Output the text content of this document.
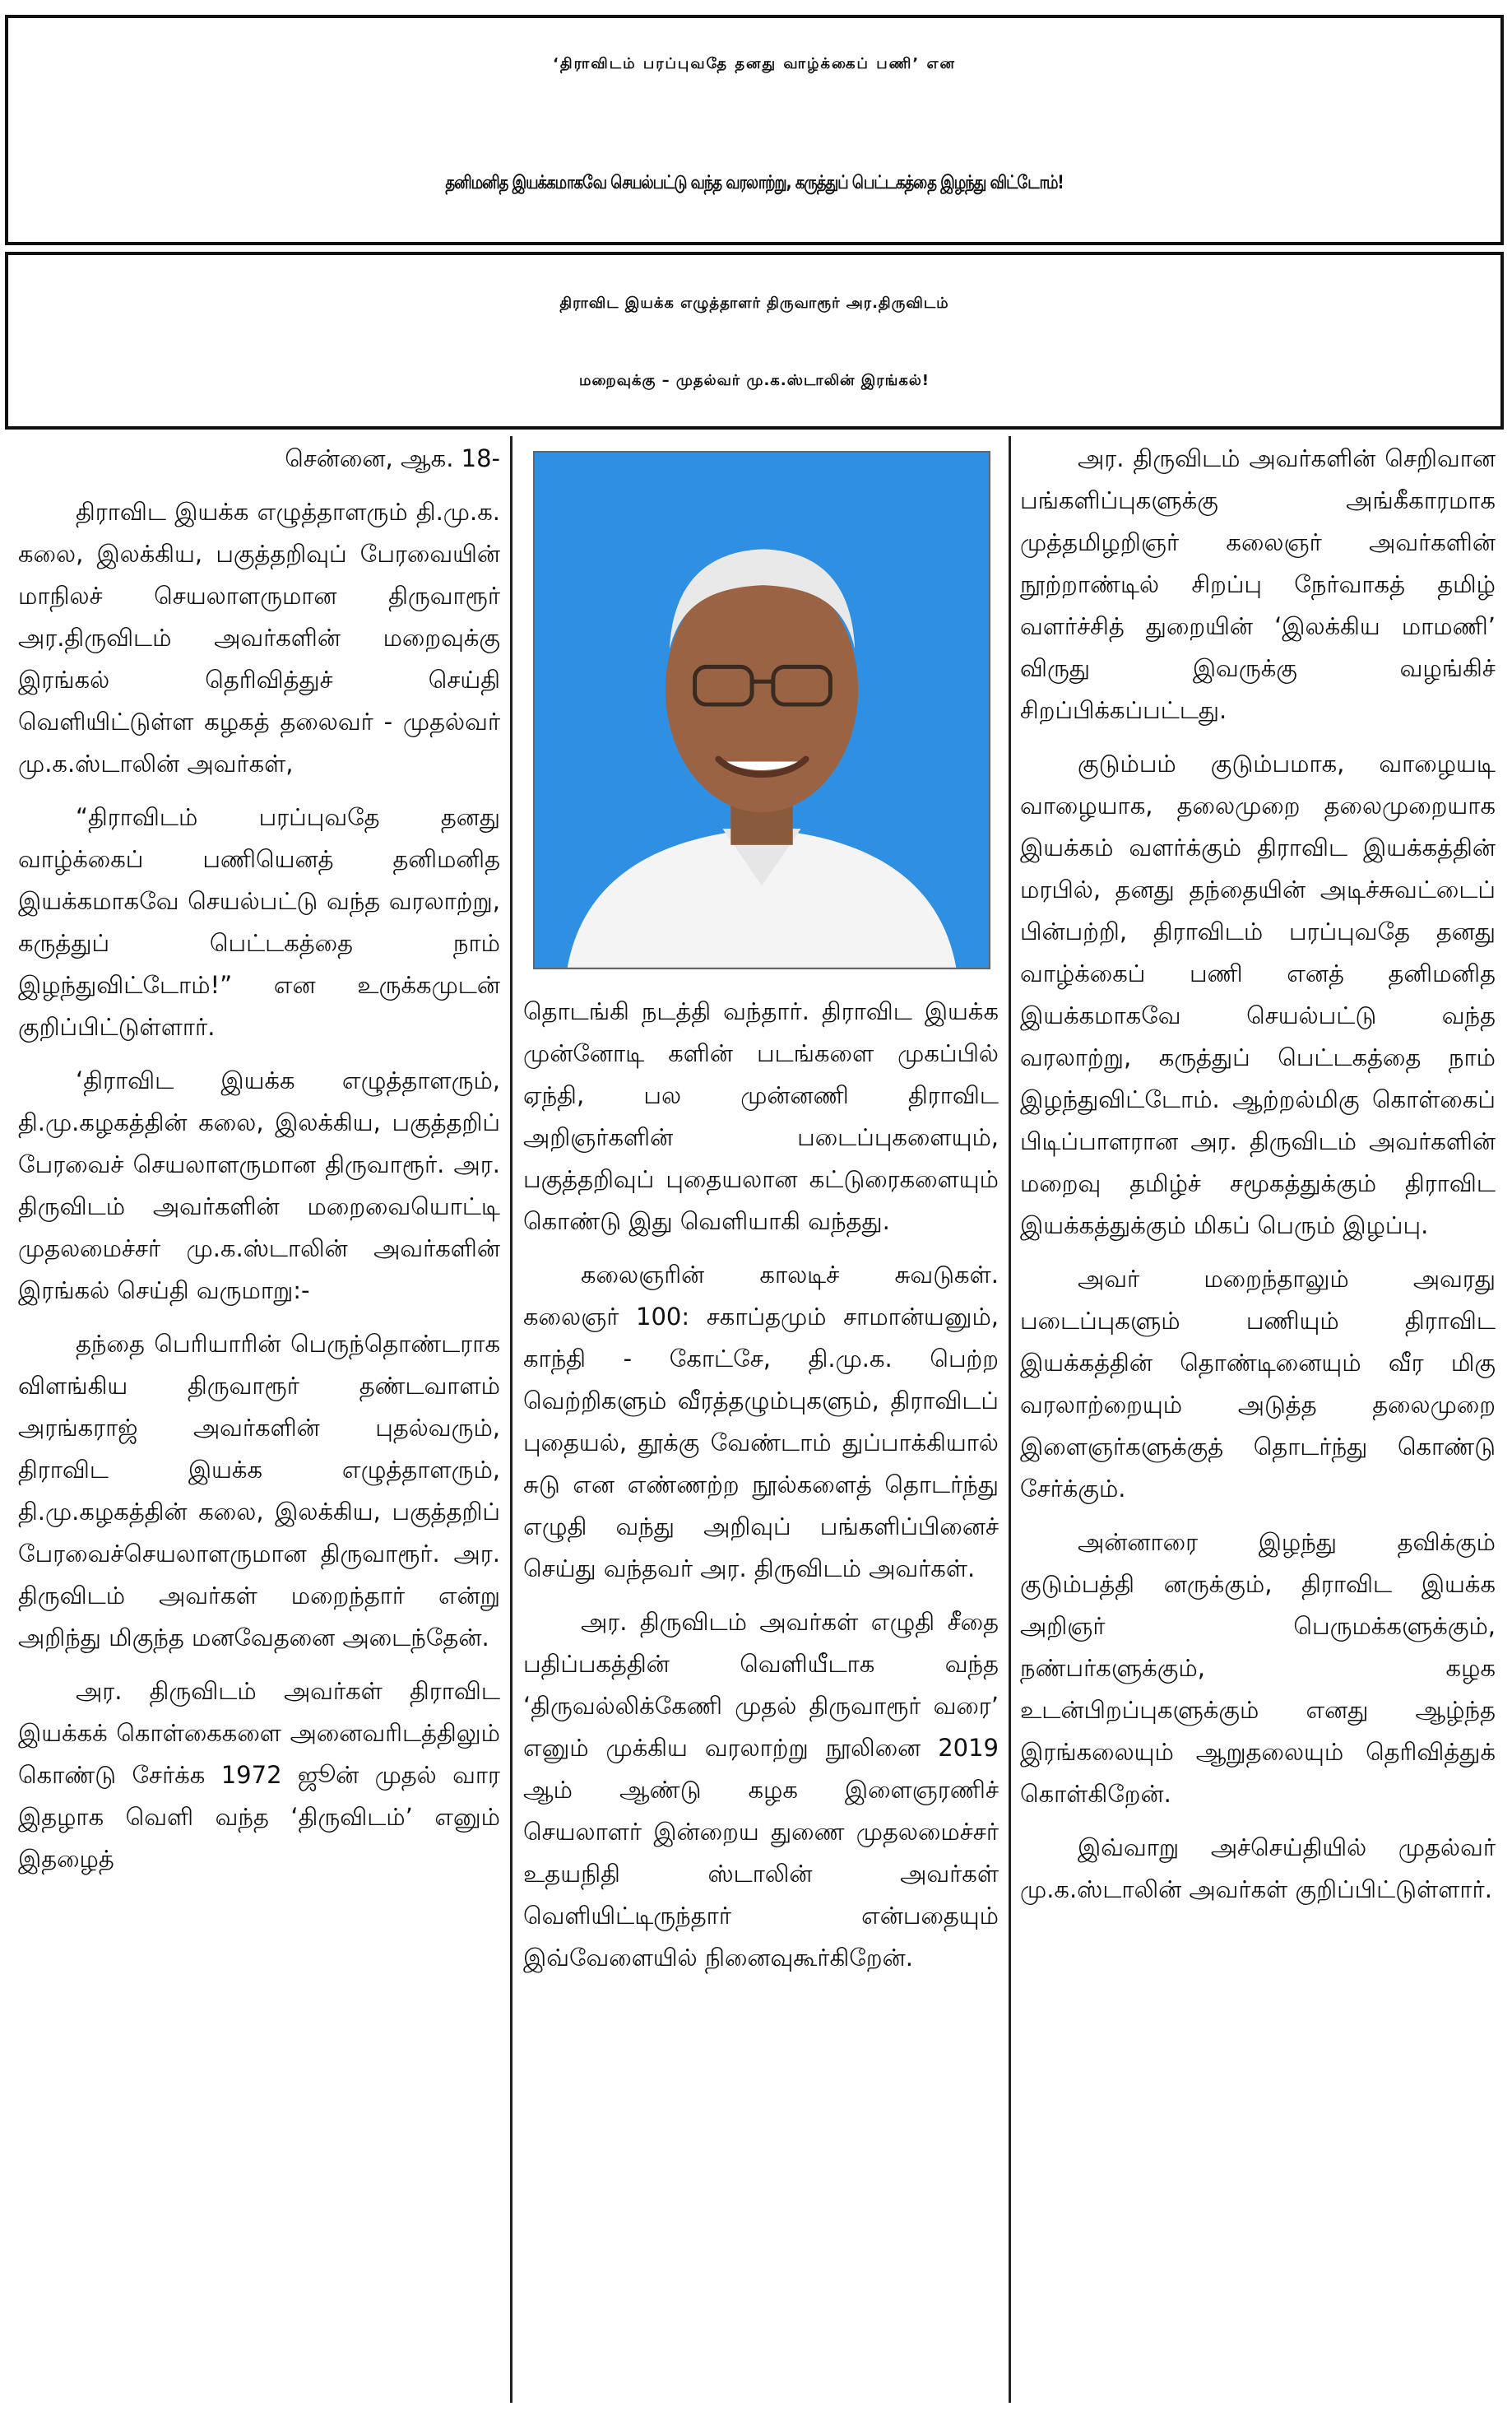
‘திராவிடம் பரப்புவதே தனது வாழ்க்கைப் பணி’ என
தனிமனித இயக்கமாகவே செயல்பட்டு வந்த வரலாற்று, கருத்துப் பெட்டகத்தை இழந்து விட்டோம்!
திராவிட இயக்க எழுத்தாளர் திருவாரூர் அர.திருவிடம்
மறைவுக்கு – முதல்வர் மு.க.ஸ்டாலின் இரங்கல்!

சென்னை, ஆக. 18-

திராவிட இயக்க எழுத்தாளரும் தி.மு.க. கலை, இலக்கிய, பகுத்தறிவுப் பேரவையின் மாநிலச் செயலாளருமான திருவாரூர் அர.திருவிடம் அவர்களின் மறைவுக்கு இரங்கல் தெரிவித்துச் செய்தி வெளியிட்டுள்ள கழகத் தலைவர் - முதல்வர் மு.க.ஸ்டாலின் அவர்கள்,

“திராவிடம் பரப்புவதே தனது வாழ்க்கைப் பணியெனத் தனிமனித இயக்கமாகவே செயல்பட்டு வந்த வரலாற்று, கருத்துப் பெட்டகத்தை நாம் இழந்துவிட்டோம்!” என உருக்கமுடன் குறிப்பிட்டுள்ளார்.

‘திராவிட இயக்க எழுத்தாளரும், தி.மு.கழகத்தின் கலை, இலக்கிய, பகுத்தறிப் பேரவைச் செயலாளருமான திருவாரூர். அர. திருவிடம் அவர்களின் மறைவையொட்டி முதலமைச்சர் மு.க.ஸ்டாலின் அவர்களின் இரங்கல் செய்தி வருமாறு:-

தந்தை பெரியாரின் பெருந்தொண்டராக விளங்கிய திருவாரூர் தண்டவாளம் அரங்கராஜ் அவர்களின் புதல்வரும், திராவிட இயக்க எழுத்தாளரும், தி.மு.கழகத்தின் கலை, இலக்கிய, பகுத்தறிப் பேரவைச்செயலாளருமான திருவாரூர். அர. திருவிடம் அவர்கள் மறைந்தார் என்று அறிந்து மிகுந்த மனவேதனை அடைந்தேன்.

அர. திருவிடம் அவர்கள் திராவிட இயக்கக் கொள்கைகளை அனைவரிடத்திலும் கொண்டு சேர்க்க 1972 ஜூன் முதல் வார இதழாக வெளி வந்த ‘திருவிடம்’ எனும் இதழைத்

தொடங்கி நடத்தி வந்தார். திராவிட இயக்க முன்னோடி களின் படங்களை முகப்பில் ஏந்தி, பல முன்னணி திராவிட அறிஞர்களின் படைப்புகளையும், பகுத்தறிவுப் புதையலான கட்டுரைகளையும் கொண்டு இது வெளியாகி வந்தது.

கலைஞரின் காலடிச் சுவடுகள். கலைஞர் 100: சகாப்தமும் சாமான்யனும், காந்தி - கோட்சே, தி.மு.க. பெற்ற வெற்றிகளும் வீரத்தழும்புகளும், திராவிடப் புதையல், தூக்கு வேண்டாம் துப்பாக்கியால் சுடு என எண்ணற்ற நூல்களைத் தொடர்ந்து எழுதி வந்து அறிவுப் பங்களிப்பினைச் செய்து வந்தவர் அர. திருவிடம் அவர்கள்.

அர. திருவிடம் அவர்கள் எழுதி சீதை பதிப்பகத்தின் வெளியீடாக வந்த ‘திருவல்லிக்கேணி முதல் திருவாரூர் வரை’ எனும் முக்கிய வரலாற்று நூலினை 2019 ஆம் ஆண்டு கழக இளைஞரணிச் செயலாளர் இன்றைய துணை முதலமைச்சர் உதயநிதி ஸ்டாலின் அவர்கள் வெளியிட்டிருந்தார் என்பதையும் இவ்வேளையில் நினைவுகூர்கிறேன்.

அர. திருவிடம் அவர்களின் செறிவான பங்களிப்புகளுக்கு அங்கீகாரமாக முத்தமிழறிஞர் கலைஞர் அவர்களின் நூற்றாண்டில் சிறப்பு நேர்வாகத் தமிழ் வளர்ச்சித் துறையின் ‘இலக்கிய மாமணி’ விருது இவருக்கு வழங்கிச் சிறப்பிக்கப்பட்டது.

குடும்பம் குடும்பமாக, வாழையடி வாழையாக, தலைமுறை தலைமுறையாக இயக்கம் வளர்க்கும் திராவிட இயக்கத்தின் மரபில், தனது தந்தையின் அடிச்சுவட்டைப் பின்பற்றி, திராவிடம் பரப்புவதே தனது வாழ்க்கைப் பணி எனத் தனிமனித இயக்கமாகவே செயல்பட்டு வந்த வரலாற்று, கருத்துப் பெட்டகத்தை நாம் இழந்துவிட்டோம். ஆற்றல்மிகு கொள்கைப் பிடிப்பாளரான அர. திருவிடம் அவர்களின் மறைவு தமிழ்ச் சமூகத்துக்கும் திராவிட இயக்கத்துக்கும் மிகப் பெரும் இழப்பு.

அவர் மறைந்தாலும் அவரது படைப்புகளும் பணியும் திராவிட இயக்கத்தின் தொண்டினையும் வீர மிகு வரலாற்றையும் அடுத்த தலைமுறை இளைஞர்களுக்குத் தொடர்ந்து கொண்டு சேர்க்கும்.

அன்னாரை இழந்து தவிக்கும் குடும்பத்தி னருக்கும், திராவிட இயக்க அறிஞர் பெருமக்களுக்கும், நண்பர்களுக்கும், கழக உடன்பிறப்புகளுக்கும் எனது ஆழ்ந்த இரங்கலையும் ஆறுதலையும் தெரிவித்துக் கொள்கிறேன்.

இவ்வாறு அச்செய்தியில் முதல்வர் மு.க.ஸ்டாலின் அவர்கள் குறிப்பிட்டுள்ளார்.
